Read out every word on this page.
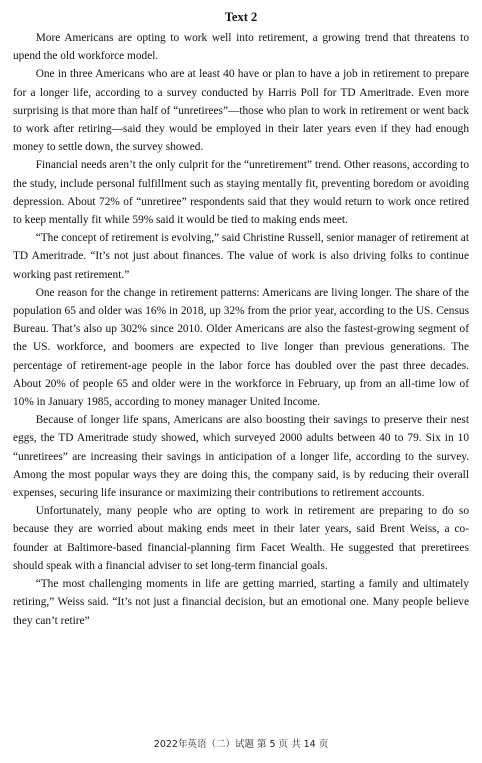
Text 2

More Americans are opting to work well into retirement, a growing trend that threatens to upend the old workforce model.

One in three Americans who are at least 40 have or plan to have a job in retirement to prepare for a longer life, according to a survey conducted by Harris Poll for TD Ameritrade. Even more surprising is that more than half of “unretirees”—those who plan to work in retirement or went back to work after retiring—said they would be employed in their later years even if they had enough money to settle down, the survey showed.

Financial needs aren’t the only culprit for the “unretirement” trend. Other reasons, according to the study, include personal fulfillment such as staying mentally fit, preventing boredom or avoiding depression. About 72% of “unretiree” respondents said that they would return to work once retired to keep mentally fit while 59% said it would be tied to making ends meet.

“The concept of retirement is evolving,” said Christine Russell, senior manager of retirement at TD Ameritrade. “It’s not just about finances. The value of work is also driving folks to continue working past retirement.”

One reason for the change in retirement patterns: Americans are living longer. The share of the population 65 and older was 16% in 2018, up 32% from the prior year, according to the US. Census Bureau. That’s also up 302% since 2010. Older Americans are also the fastest-growing segment of the US. workforce, and boomers are expected to live longer than previous generations. The percentage of retirement-age people in the labor force has doubled over the past three decades. About 20% of people 65 and older were in the workforce in February, up from an all-time low of 10% in January 1985, according to money manager United Income.

Because of longer life spans, Americans are also boosting their savings to preserve their nest eggs, the TD Ameritrade study showed, which surveyed 2000 adults between 40 to 79. Six in 10 “unretirees” are increasing their savings in anticipation of a longer life, according to the survey. Among the most popular ways they are doing this, the company said, is by reducing their overall expenses, securing life insurance or maximizing their contributions to retirement accounts.

Unfortunately, many people who are opting to work in retirement are preparing to do so because they are worried about making ends meet in their later years, said Brent Weiss, a co-founder at Baltimore-based financial-planning firm Facet Wealth. He suggested that preretirees should speak with a financial adviser to set long-term financial goals.

“The most challenging moments in life are getting married, starting a family and ultimately retiring,” Weiss said. “It’s not just a financial decision, but an emotional one. Many people believe they can’t retire”

2022年英语（二）试题 第 5 页 共 14 页
